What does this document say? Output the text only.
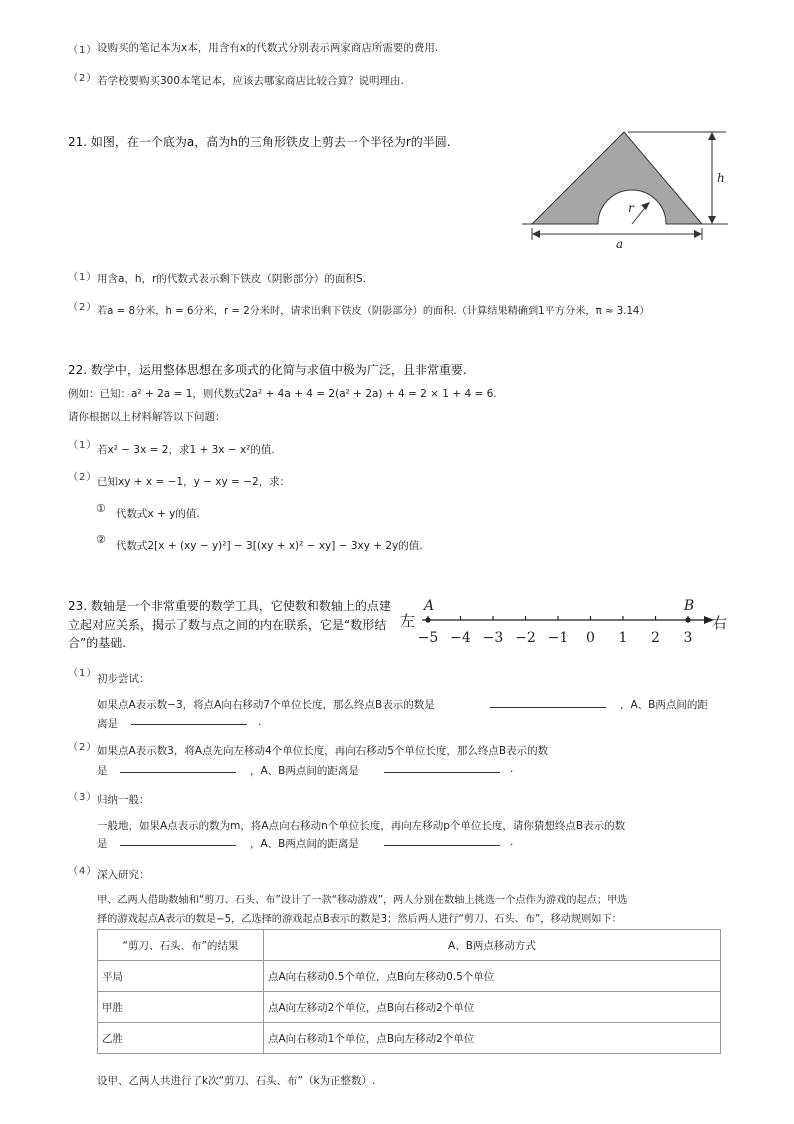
（1） 设购买的笔记本为x本，用含有x的代数式分别表示两家商店所需要的费用.
（2） 若学校要购买300本笔记本，应该去哪家商店比较合算？说明理由.
21. 如图，在一个底为a，高为h的三角形铁皮上剪去一个半径为r的半圆.
h
r
a
（1） 用含a，h，r的代数式表示剩下铁皮（阴影部分）的面积S.
（2） 若a = 8分米，h = 6分米，r = 2分米时，请求出剩下铁皮（阴影部分）的面积.（计算结果精确到1平方分米，π ≈ 3.14）
22. 数学中，运用整体思想在多项式的化简与求值中极为广泛，且非常重要.
例如：已知：a² + 2a = 1，则代数式2a² + 4a + 4 = 2(a² + 2a) + 4 = 2 × 1 + 4 = 6.
请你根据以上材料解答以下问题：
（1） 若x² − 3x = 2，求1 + 3x − x²的值.
（2） 已知xy + x = −1，y − xy = −2，求：
① 代数式x + y的值.
② 代数式2[x + (xy − y)²] − 3[(xy + x)² − xy] − 3xy + 2y的值.
23. 数轴是一个非常重要的数学工具，它使数和数轴上的点建
立起对应关系，揭示了数与点之间的内在联系，它是“数形结
合”的基础.	−5 −4 −3 −2 −1 0 1 2 3
左	右
A	B
（1） 初步尝试：
如果点A表示数−3，将点A向右移动7个单位长度，那么终点B表示的数是	，A、B两点间的距
离是	.
（2） 如果点A表示数3，将A点先向左移动4个单位长度，再向右移动5个单位长度，那么终点B表示的数
是	，A、B两点间的距离是	.
（3） 归纳一般：
一般地，如果A点表示的数为m，将A点向右移动n个单位长度，再向左移动p个单位长度，请你猜想终点B表示的数
是	，A、B两点间的距离是	.
（4） 深入研究：
甲、乙两人借助数轴和“剪刀、石头、布”设计了一款“移动游戏”，两人分别在数轴上挑选一个点作为游戏的起点；甲选
择的游戏起点A表示的数是−5，乙选择的游戏起点B表示的数是3；然后两人进行“剪刀、石头、布”，移动规则如下：
“剪刀、石头、布”的结果	A、B两点移动方式
平局	点A向右移动0.5个单位，点B向左移动0.5个单位
甲胜	点A向左移动2个单位，点B向右移动2个单位
乙胜	点A向右移动1个单位，点B向左移动2个单位
设甲、乙两人共进行了k次“剪刀、石头、布”（k为正整数）.
